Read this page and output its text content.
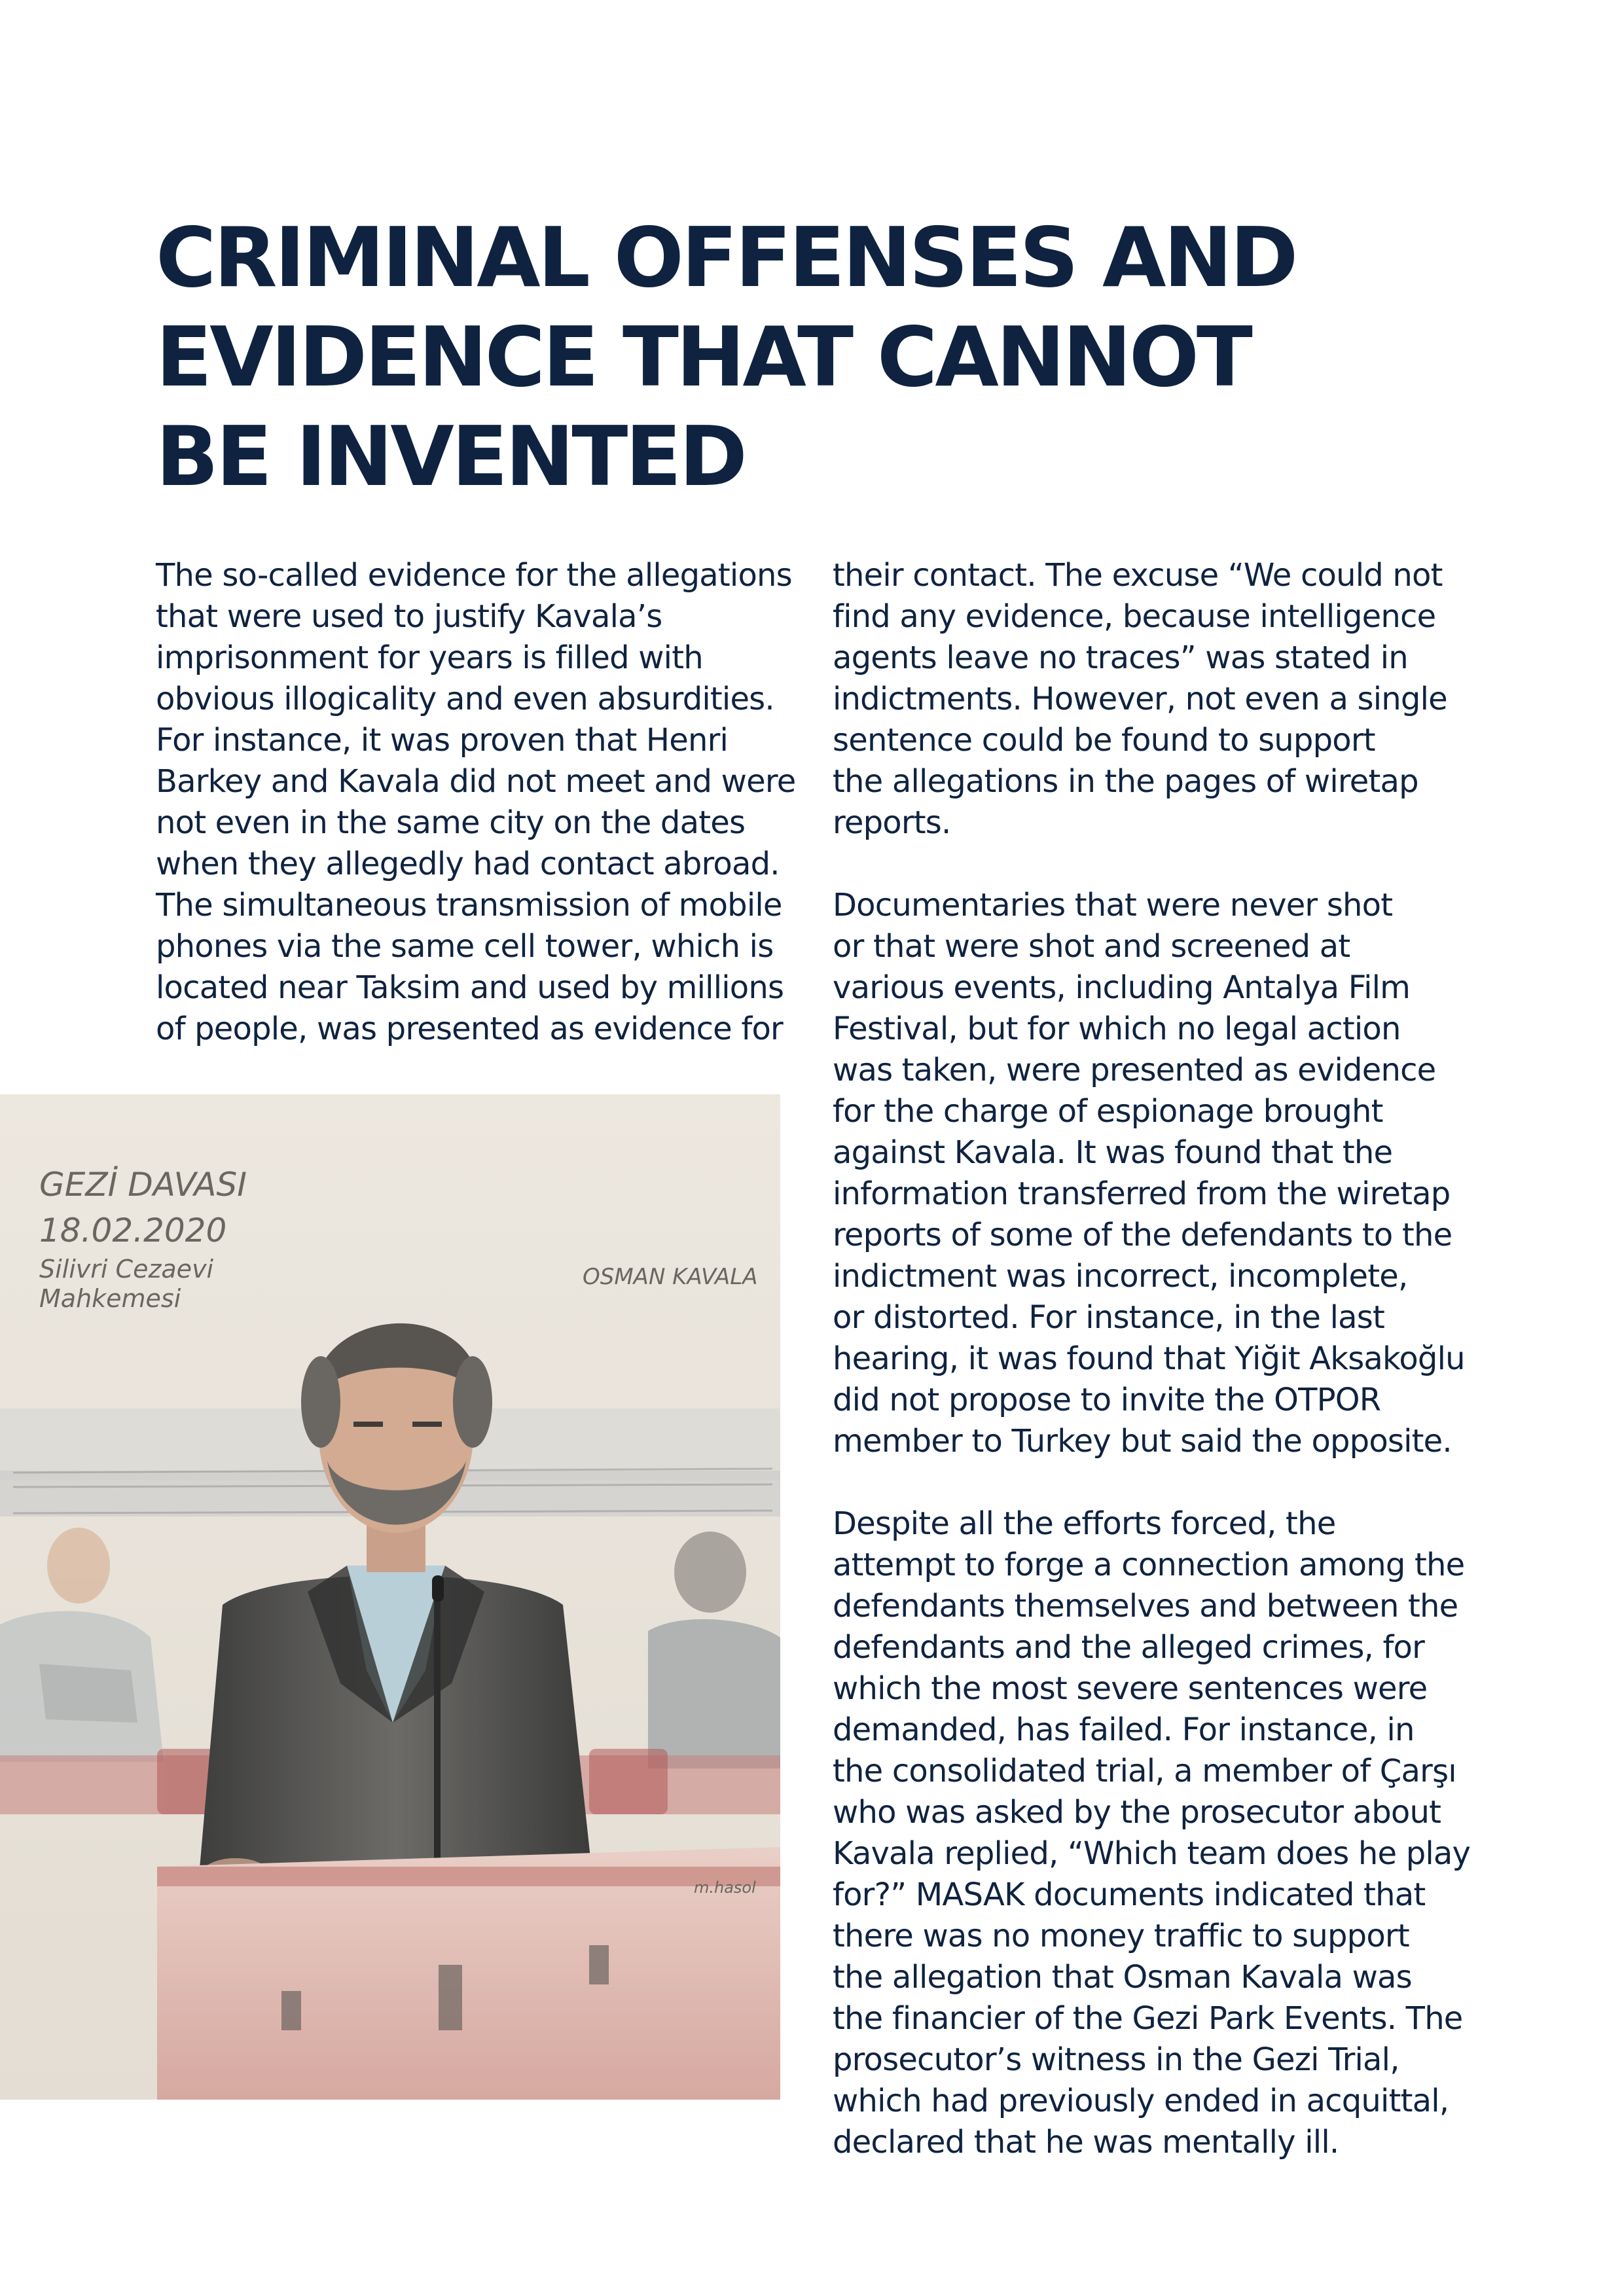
CRIMINAL OFFENSES AND
EVIDENCE THAT CANNOT
BE INVENTED
The so-called evidence for the allegations
that were used to justify Kavala’s
imprisonment for years is filled with
obvious illogicality and even absurdities.
For instance, it was proven that Henri
Barkey and Kavala did not meet and were
not even in the same city on the dates
when they allegedly had contact abroad.
The simultaneous transmission of mobile
phones via the same cell tower, which is
located near Taksim and used by millions
of people, was presented as evidence for
their contact. The excuse “We could not
find any evidence, because intelligence
agents leave no traces” was stated in
indictments. However, not even a single
sentence could be found to support
the allegations in the pages of wiretap
reports.
Documentaries that were never shot
or that were shot and screened at
various events, including Antalya Film
Festival, but for which no legal action
was taken, were presented as evidence
for the charge of espionage brought
against Kavala. It was found that the
information transferred from the wiretap
reports of some of the defendants to the
indictment was incorrect, incomplete,
or distorted. For instance, in the last
hearing, it was found that Yiğit Aksakoğlu
did not propose to invite the OTPOR
member to Turkey but said the opposite.
Despite all the efforts forced, the
attempt to forge a connection among the
defendants themselves and between the
defendants and the alleged crimes, for
which the most severe sentences were
demanded, has failed. For instance, in
the consolidated trial, a member of Çarşı
who was asked by the prosecutor about
Kavala replied, “Which team does he play
for?” MASAK documents indicated that
there was no money traffic to support
the allegation that Osman Kavala was
the financier of the Gezi Park Events. The
prosecutor’s witness in the Gezi Trial,
which had previously ended in acquittal,
declared that he was mentally ill.
GEZİ DAVASI
18.02.2020
Silivri Cezaevi
Mahkemesi
OSMAN KAVALA
m.hasol
